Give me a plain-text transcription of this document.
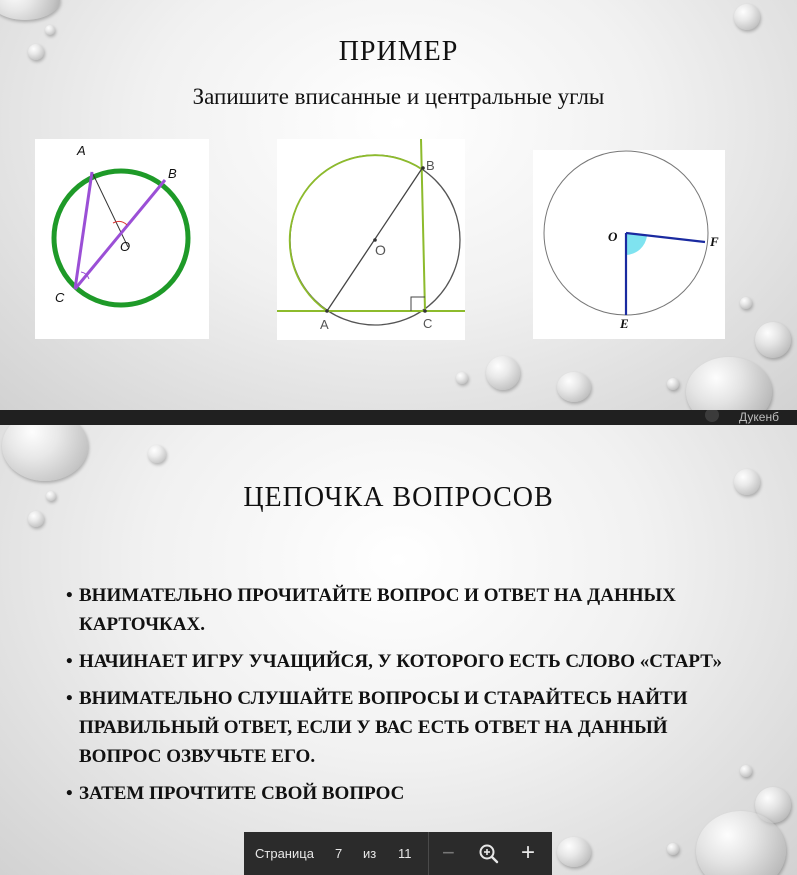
ПРИМЕР
Запишите вписанные и центральные углы
A
B
C
O
A
B
C
O
O	F
E
Дукенб
ЦЕПОЧКА ВОПРОСОВ
• ВНИМАТЕЛЬНО ПРОЧИТАЙТЕ ВОПРОС И ОТВЕТ НА ДАННЫХ КАРТОЧКАХ.
• НАЧИНАЕТ ИГРУ УЧАЩИЙСЯ, У КОТОРОГО ЕСТЬ СЛОВО «СТАРТ»
• ВНИМАТЕЛЬНО СЛУШАЙТЕ ВОПРОСЫ И СТАРАЙТЕСЬ НАЙТИ ПРАВИЛЬНЫЙ ОТВЕТ, ЕСЛИ У ВАС ЕСТЬ ОТВЕТ НА ДАННЫЙ ВОПРОС ОЗВУЧЬТЕ ЕГО.
• ЗАТЕМ ПРОЧТИТЕ СВОЙ ВОПРОС
Страница 7 из 11 −	+
